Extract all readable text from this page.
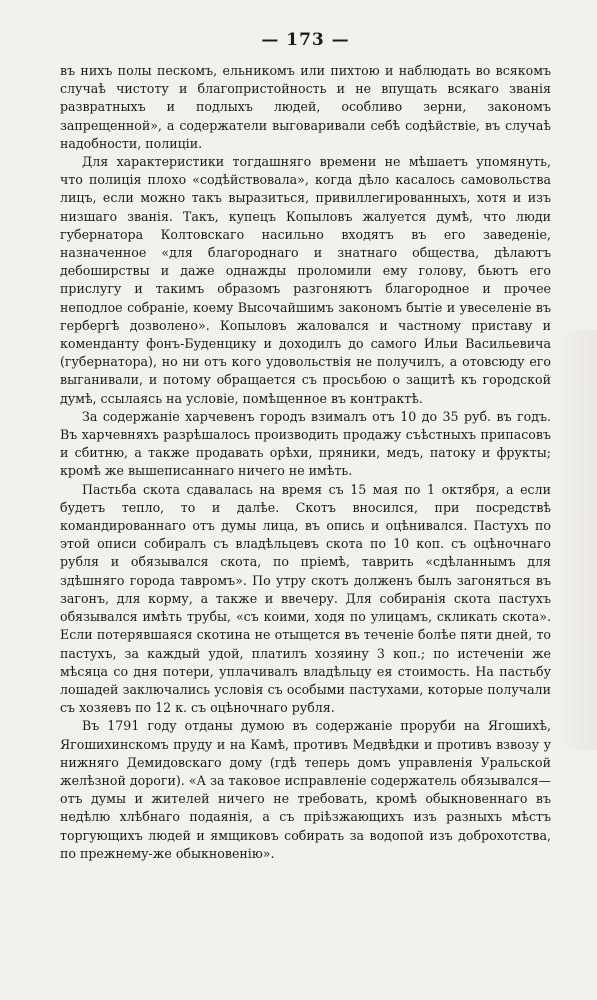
— 173 —

въ нихъ полы пескомъ, ельникомъ или пихтою и наблюдать во всякомъ случаѣ чистоту и благопристойность и не впущать всякаго званія развратныхъ и подлыхъ людей, особливо зерни, закономъ запрещенной», а содержатели выговаривали себѣ содѣйствіе, въ случаѣ надобности, полиціи.

Для характеристики тогдашняго времени не мѣшаетъ упомянуть, что полиція плохо «содѣйствовала», когда дѣло касалось самовольства лицъ, если можно такъ выразиться, привиллегированныхъ, хотя и изъ низшаго званія. Такъ, купецъ Копыловъ жалуется думѣ, что люди губернатора Колтовскаго насильно входятъ въ его заведеніе, назначенное «для благороднаго и знатнаго общества, дѣлаютъ дебоширствы и даже однажды проломили ему голову, бьютъ его прислугу и такимъ образомъ разгоняютъ благородное и прочее неподлое собраніе, коему Высочайшимъ закономъ бытіе и увеселеніе въ гербергѣ дозволено». Копыловъ жаловался и частному приставу и коменданту фонъ-Буденцику и доходилъ до самого Ильи Васильевича (губернатора), но ни отъ кого удовольствія не получилъ, а отовсюду его выганивали, и потому обращается съ просьбою о защитѣ къ городской думѣ, ссылаясь на условіе, помѣщенное въ контрактѣ.

За содержаніе харчевенъ городъ взималъ отъ 10 до 35 руб. въ годъ. Въ харчевняхъ разрѣшалось производить продажу съѣстныхъ припасовъ и сбитню, а также продавать орѣхи, пряники, медъ, патоку и фрукты; кромѣ же вышеписаннаго ничего не имѣть.

Пастьба скота сдавалась на время съ 15 мая по 1 октября, а если будетъ тепло, то и далѣе. Скотъ вносился, при посредствѣ командированнаго отъ думы лица, въ опись и оцѣнивался. Пастухъ по этой описи собиралъ съ владѣльцевъ скота по 10 коп. съ оцѣночнаго рубля и обязывался скота, по пріемѣ, таврить «сдѣланнымъ для здѣшняго города тавромъ». По утру скотъ долженъ былъ загоняться въ загонъ, для корму, а также и ввечеру. Для собиранія скота пастухъ обязывался имѣть трубы, «съ коими, ходя по улицамъ, скликать скота». Если потерявшаяся скотина не отыщется въ теченіе болѣе пяти дней, то пастухъ, за каждый удой, платилъ хозяину 3 коп.; по истеченіи же мѣсяца со дня потери, уплачивалъ владѣльцу ея стоимость. На пастьбу лошадей заключались условія съ особыми пастухами, которые получали съ хозяевъ по 12 к. съ оцѣночнаго рубля.

Въ 1791 году отданы думою въ содержаніе проруби на Ягошихѣ, Ягошихинскомъ пруду и на Камѣ, противъ Медвѣдки и противъ взвозу у нижняго Демидовскаго дому (гдѣ теперь домъ управленія Уральской желѣзной дороги). «А за таковое исправленіе содержатель обязывался—отъ думы и жителей ничего не требовать, кромѣ обыкновеннаго въ недѣлю хлѣбнаго подаянія, а съ пріѣзжающихъ изъ разныхъ мѣстъ торгующихъ людей и ямщиковъ собирать за водопой изъ доброхотства, по прежнему-же обыкновенію».
